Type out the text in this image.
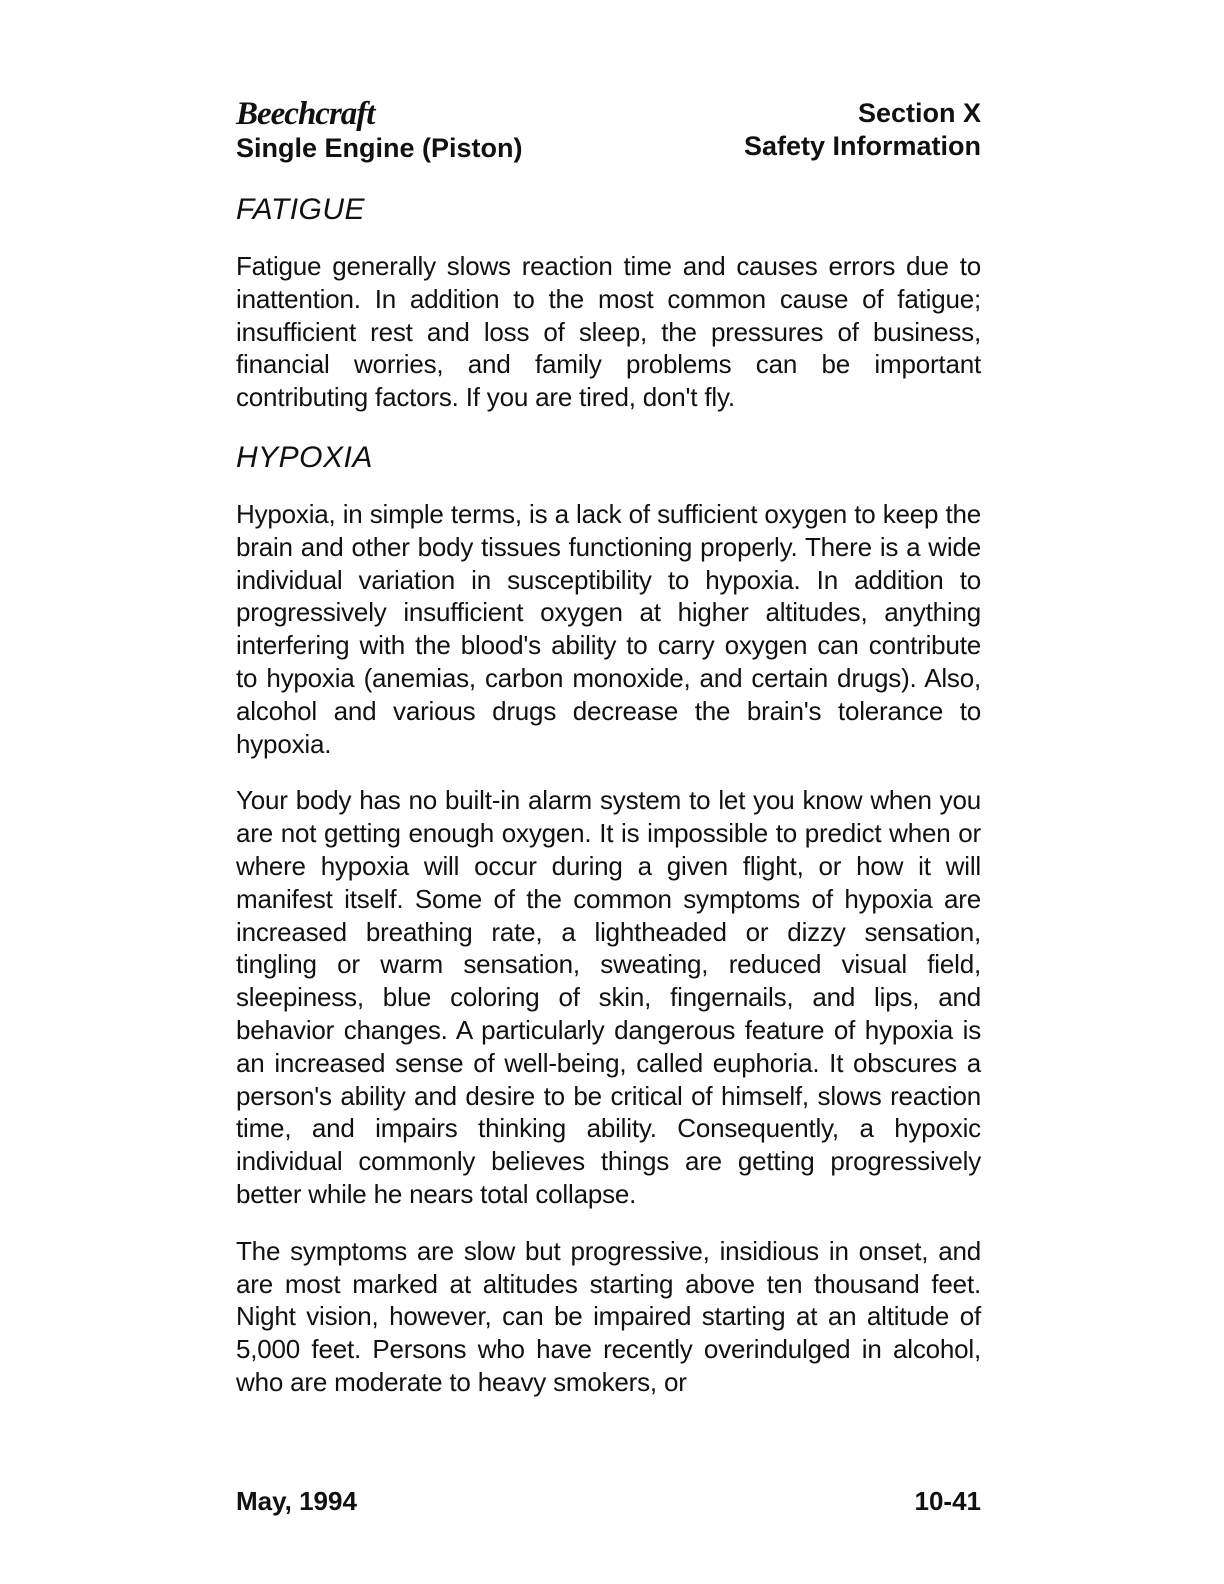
Beechcraft
Single Engine (Piston)
Section X
Safety Information
FATIGUE

Fatigue generally slows reaction time and causes errors due to inattention. In addition to the most common cause of fatigue; insufficient rest and loss of sleep, the pressures of business, financial worries, and family problems can be important contributing factors. If you are tired, don't fly.

HYPOXIA

Hypoxia, in simple terms, is a lack of sufficient oxygen to keep the brain and other body tissues functioning properly. There is a wide individual variation in susceptibility to hypoxia. In addition to progressively insufficient oxygen at higher altitudes, anything interfering with the blood's ability to carry oxygen can contribute to hypoxia (anemias, carbon monoxide, and certain drugs). Also, alcohol and various drugs decrease the brain's tolerance to hypoxia.

Your body has no built-in alarm system to let you know when you are not getting enough oxygen. It is impossible to predict when or where hypoxia will occur during a given flight, or how it will manifest itself. Some of the common symptoms of hypoxia are increased breathing rate, a lightheaded or dizzy sensation, tingling or warm sensation, sweating, reduced visual field, sleepiness, blue coloring of skin, fingernails, and lips, and behavior changes. A particularly dangerous feature of hypoxia is an increased sense of well-being, called euphoria. It obscures a person's ability and desire to be critical of himself, slows reaction time, and impairs thinking ability. Consequently, a hypoxic individual commonly believes things are getting progressively better while he nears total collapse.

The symptoms are slow but progressive, insidious in onset, and are most marked at altitudes starting above ten thousand feet. Night vision, however, can be impaired starting at an altitude of 5,000 feet. Persons who have recently overindulged in alcohol, who are moderate to heavy smokers, or

May, 1994	10-41
